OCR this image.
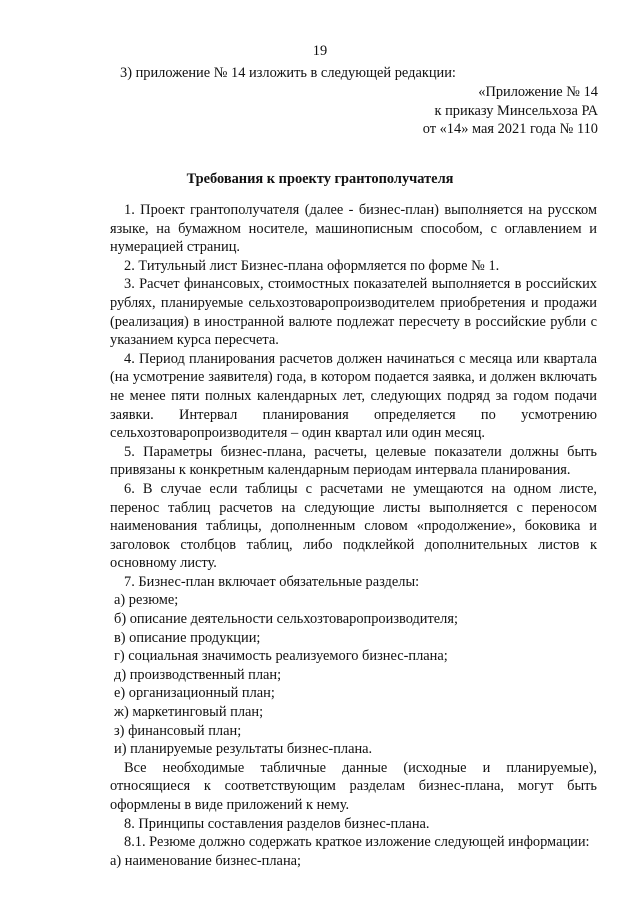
19
3) приложение № 14 изложить в следующей редакции:
«Приложение № 14
к приказу Минсельхоза РА
от «14» мая 2021 года № 110
Требования к проекту грантополучателя

1. Проект грантополучателя (далее - бизнес-план) выполняется на русском языке, на бумажном носителе, машинописным способом, с оглавлением и нумерацией страниц.

2. Титульный лист Бизнес-плана оформляется по форме № 1.

3. Расчет финансовых, стоимостных показателей выполняется в российских рублях, планируемые сельхозтоваропроизводителем приобретения и продажи (реализация) в иностранной валюте подлежат пересчету в российские рубли с указанием курса пересчета.

4. Период планирования расчетов должен начинаться с месяца или квартала (на усмотрение заявителя) года, в котором подается заявка, и должен включать не менее пяти полных календарных лет, следующих подряд за годом подачи заявки. Интервал планирования определяется по усмотрению сельхозтоваропроизводителя – один квартал или один месяц.

5. Параметры бизнес-плана, расчеты, целевые показатели должны быть привязаны к конкретным календарным периодам интервала планирования.

6. В случае если таблицы с расчетами не умещаются на одном листе, перенос таблиц расчетов на следующие листы выполняется с переносом наименования таблицы, дополненным словом «продолжение», боковика и заголовок столбцов таблиц, либо подклейкой дополнительных листов к основному листу.

7. Бизнес-план включает обязательные разделы:

а) резюме;

б) описание деятельности сельхозтоваропроизводителя;

в) описание продукции;

г) социальная значимость реализуемого бизнес-плана;

д) производственный план;

е) организационный план;

ж) маркетинговый план;

з) финансовый план;

и) планируемые результаты бизнес-плана.

Все необходимые табличные данные (исходные и планируемые), относящиеся к соответствующим разделам бизнес-плана, могут быть оформлены в виде приложений к нему.

8. Принципы составления разделов бизнес-плана.

8.1. Резюме должно содержать краткое изложение следующей информации:

а) наименование бизнес-плана;
